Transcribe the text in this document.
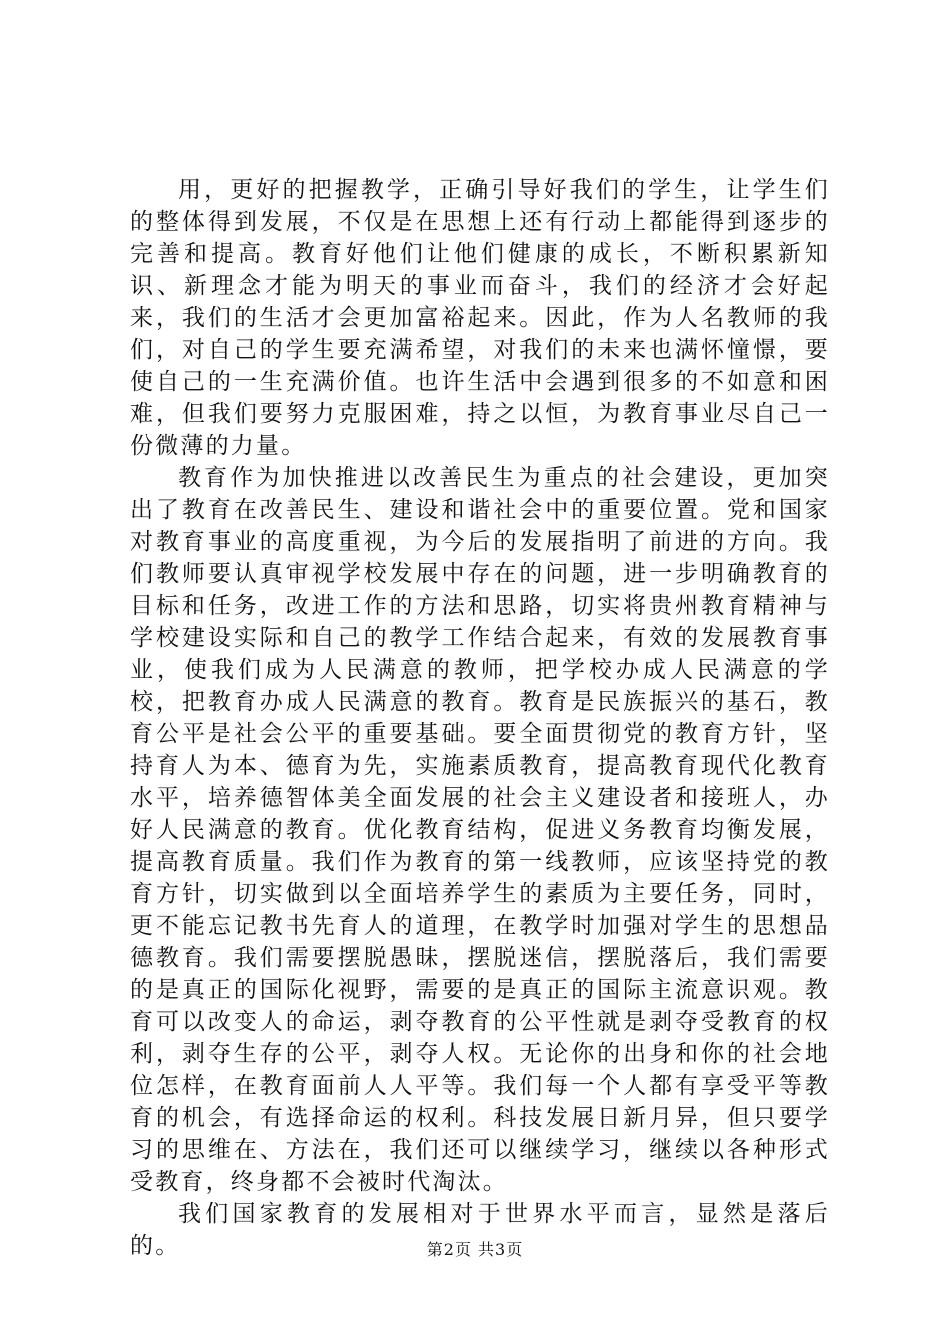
用，更好的把握教学，正确引导好我们的学生，让学生们的整体得到发展，不仅是在思想上还有行动上都能得到逐步的完善和提高。教育好他们让他们健康的成长，不断积累新知识、新理念才能为明天的事业而奋斗，我们的经济才会好起来，我们的生活才会更加富裕起来。因此，作为人名教师的我们，对自己的学生要充满希望，对我们的未来也满怀憧憬，要使自己的一生充满价值。也许生活中会遇到很多的不如意和困难，但我们要努力克服困难，持之以恒，为教育事业尽自己一份微薄的力量。

教育作为加快推进以改善民生为重点的社会建设，更加突出了教育在改善民生、建设和谐社会中的重要位置。党和国家对教育事业的高度重视，为今后的发展指明了前进的方向。我们教师要认真审视学校发展中存在的问题，进一步明确教育的目标和任务，改进工作的方法和思路，切实将贵州教育精神与学校建设实际和自己的教学工作结合起来，有效的发展教育事业，使我们成为人民满意的教师，把学校办成人民满意的学校，把教育办成人民满意的教育。教育是民族振兴的基石，教育公平是社会公平的重要基础。要全面贯彻党的教育方针，坚持育人为本、德育为先，实施素质教育，提高教育现代化教育水平，培养德智体美全面发展的社会主义建设者和接班人，办好人民满意的教育。优化教育结构，促进义务教育均衡发展，提高教育质量。我们作为教育的第一线教师，应该坚持党的教育方针，切实做到以全面培养学生的素质为主要任务，同时，更不能忘记教书先育人的道理，在教学时加强对学生的思想品德教育。我们需要摆脱愚昧，摆脱迷信，摆脱落后，我们需要的是真正的国际化视野，需要的是真正的国际主流意识观。教育可以改变人的命运，剥夺教育的公平性就是剥夺受教育的权利，剥夺生存的公平，剥夺人权。无论你的出身和你的社会地位怎样，在教育面前人人平等。我们每一个人都有享受平等教育的机会，有选择命运的权利。科技发展日新月异，但只要学习的思维在、方法在，我们还可以继续学习，继续以各种形式受教育，终身都不会被时代淘汰。

我们国家教育的发展相对于世界水平而言，显然是落后的。	第2页 共3页
